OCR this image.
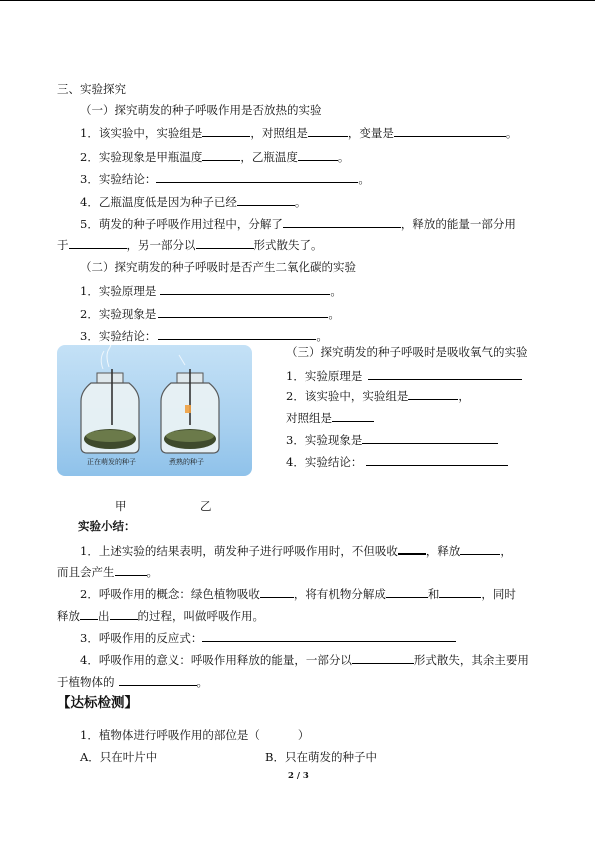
三、实验探究
（一）探究萌发的种子呼吸作用是否放热的实验
1．该实验中，实验组是	，对照组是	，变量是	。
2．实验现象是甲瓶温度	，乙瓶温度	。
3．实验结论：	。
4．乙瓶温度低是因为种子已经	。
5．萌发的种子呼吸作用过程中，分解了	，释放的能量一部分用
于	，另一部分以	形式散失了。
（二）探究萌发的种子呼吸时是否产生二氧化碳的实验
1．实验原理是	。
2．实验现象是	。
3．实验结论：	。
正在萌发的种子	煮熟的种子
（三）探究萌发的种子呼吸时是吸收氧气的实验
1．实验原理是
2．该实验中，实验组是	，
对照组是
3．实验现象是
4．实验结论：
甲	乙
实验小结：
1．上述实验的结果表明，萌发种子进行呼吸作用时，不但吸收 ，释放	，
而且会产生	。
2．呼吸作用的概念：绿色植物吸收	，将有机物分解成	和	，同时
释放 出 的过程，叫做呼吸作用。
3．呼吸作用的反应式：
4．呼吸作用的意义：呼吸作用释放的能量，一部分以	形式散失，其余主要用
于植物体的	。
【达标检测】
1．植物体进行呼吸作用的部位是（	）
A．只在叶片中	B．只在萌发的种子中
2 / 3
